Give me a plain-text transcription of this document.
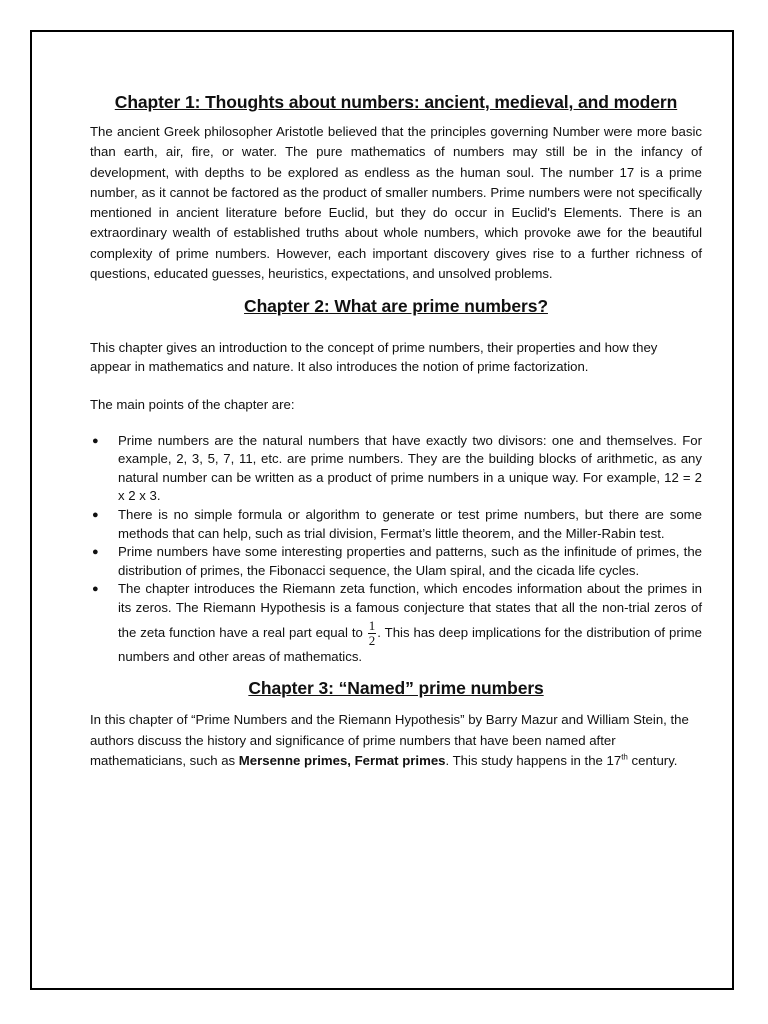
Chapter 1: Thoughts about numbers: ancient, medieval, and modern

The ancient Greek philosopher Aristotle believed that the principles governing Number were more basic than earth, air, fire, or water. The pure mathematics of numbers may still be in the infancy of development, with depths to be explored as endless as the human soul. The number 17 is a prime number, as it cannot be factored as the product of smaller numbers. Prime numbers were not specifically mentioned in ancient literature before Euclid, but they do occur in Euclid's Elements. There is an extraordinary wealth of established truths about whole numbers, which provoke awe for the beautiful complexity of prime numbers. However, each important discovery gives rise to a further richness of questions, educated guesses, heuristics, expectations, and unsolved problems.

Chapter 2: What are prime numbers?

This chapter gives an introduction to the concept of prime numbers, their properties and how they appear in mathematics and nature. It also introduces the notion of prime factorization.

The main points of the chapter are:

● Prime numbers are the natural numbers that have exactly two divisors: one and themselves. For example, 2, 3, 5, 7, 11, etc. are prime numbers. They are the building blocks of arithmetic, as any natural number can be written as a product of prime numbers in a unique way. For example, 12 = 2 x 2 x 3.
● There is no simple formula or algorithm to generate or test prime numbers, but there are some methods that can help, such as trial division, Fermat’s little theorem, and the Miller-Rabin test.
● Prime numbers have some interesting properties and patterns, such as the infinitude of primes, the distribution of primes, the Fibonacci sequence, the Ulam spiral, and the cicada life cycles.
● The chapter introduces the Riemann zeta function, which encodes information about the primes in its zeros. The Riemann Hypothesis is a famous conjecture that states that all the non-trial zeros of the zeta function have a real part equal to $\frac{1}{2}$ . This has deep implications for the distribution of prime numbers and other areas of mathematics.
Chapter 3: “Named” prime numbers

In this chapter of “Prime Numbers and the Riemann Hypothesis” by Barry Mazur and William Stein, the authors discuss the history and significance of prime numbers that have been named after mathematicians, such as Mersenne primes, Fermat primes. This study happens in the 17th century.
